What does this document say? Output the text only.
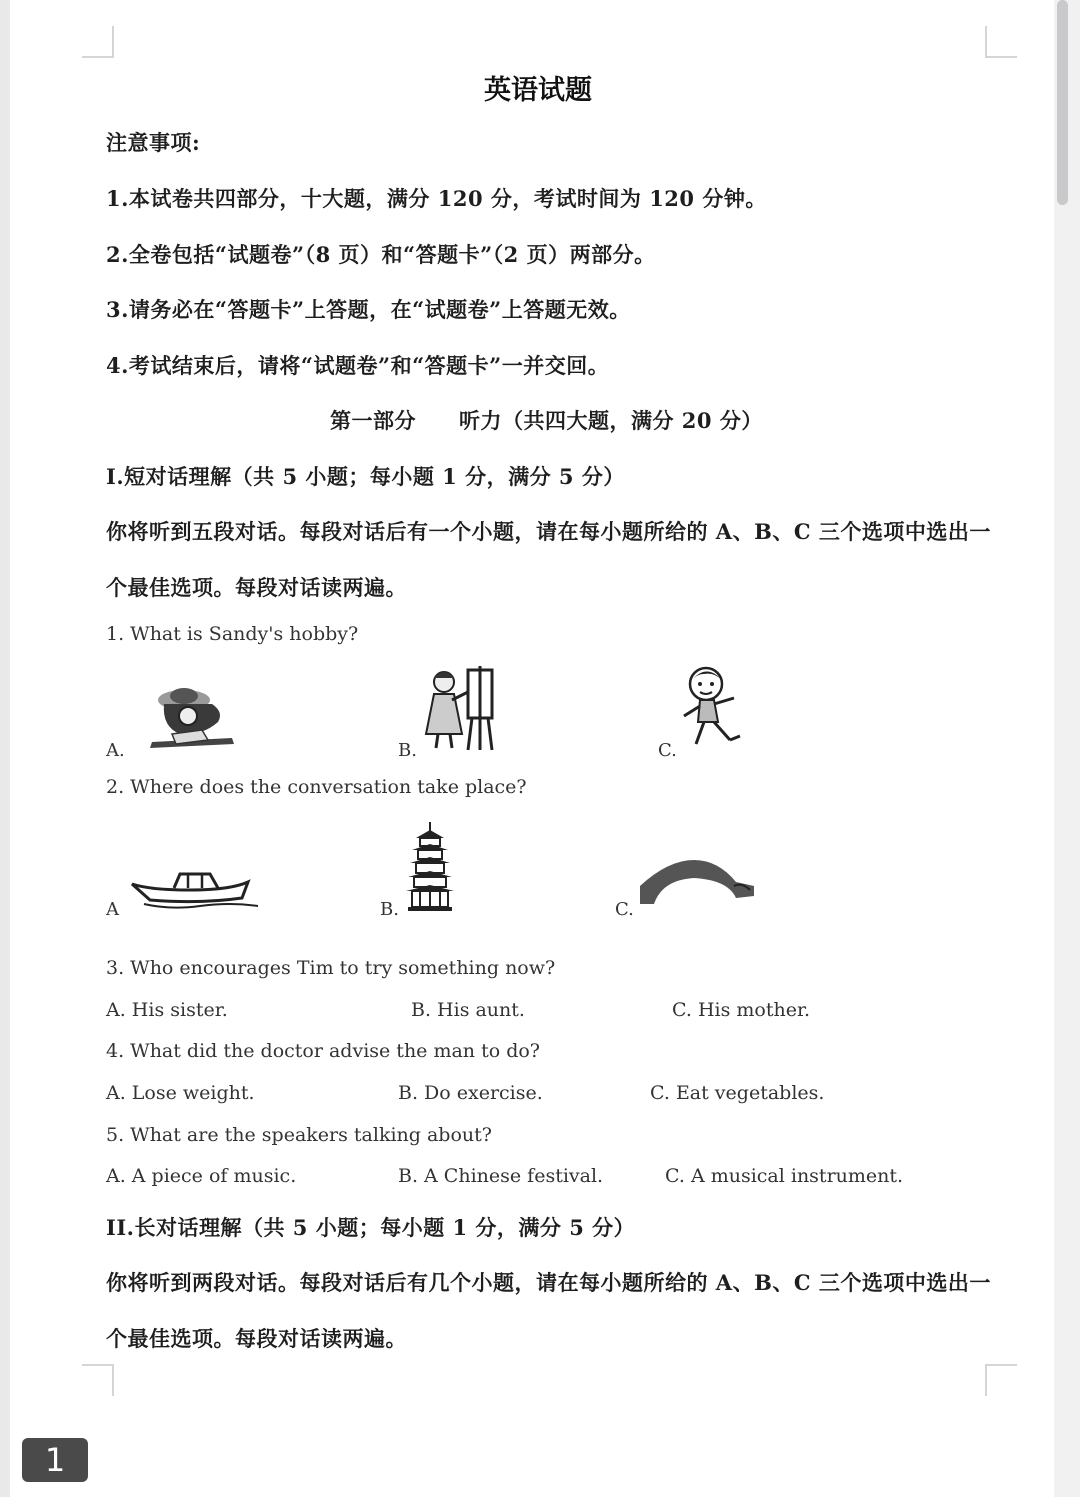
英语试题
注意事项:
1.本试卷共四部分，十大题，满分 120 分，考试时间为 120 分钟。
2.全卷包括“试题卷”（8 页）和“答题卡”（2 页）两部分。
3.请务必在“答题卡”上答题，在“试题卷”上答题无效。
4.考试结束后，请将“试题卷”和“答题卡”一并交回。
第一部分　　听力（共四大题，满分 20 分）
I.短对话理解（共 5 小题；每小题 1 分，满分 5 分）
你将听到五段对话。每段对话后有一个小题，请在每小题所给的 A、B、C 三个选项中选出一
个最佳选项。每段对话读两遍。
1. What is Sandy's hobby?
A.	B.	C.
2. Where does the conversation take place?
A	B.	C.
3. Who encourages Tim to try something now?
A. His sister.	B. His aunt.	C. His mother.
4. What did the doctor advise the man to do?
A. Lose weight.	B. Do exercise.	C. Eat vegetables.
5. What are the speakers talking about?
A. A piece of music.	B. A Chinese festival.	C. A musical instrument.
II.长对话理解（共 5 小题；每小题 1 分，满分 5 分）
你将听到两段对话。每段对话后有几个小题，请在每小题所给的 A、B、C 三个选项中选出一
个最佳选项。每段对话读两遍。
1
